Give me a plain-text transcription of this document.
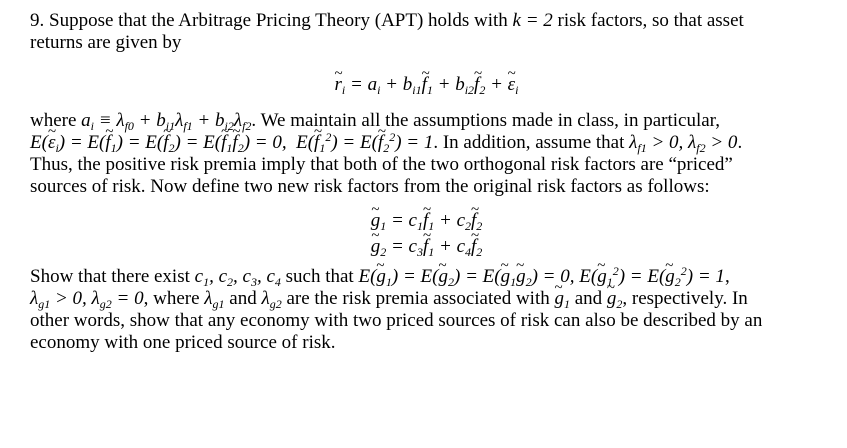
9. Suppose that the Arbitrage Pricing Theory (APT) holds with k = 2 risk factors, so that asset
returns are given by

~ $r_i = a_i$ + $b_{i1}\sim$ $f_1$ + $b_{i2}\sim$ $f_2$ + ~ $\varepsilon_i$

where $a_i \equiv \lambda_{f0} + b_{i1}\lambda_{f1} + b_{i2}\lambda_{f2}$. We maintain all the assumptions made in class, in particular,
E(~ $\varepsilon_i$) = E(~ $f_1$) = E(~ $f_2$) = E(~ $f_1\sim$ $f_2) = 0$,  E(~ $f_1^2$) = E(~ $f_2^2) = 1$. In addition, assume that $\lambda_{f1} > 0$, $\lambda_{f2} > 0$.
Thus, the positive risk premia imply that both of the two orthogonal risk factors are “priced”
sources of risk. Now define two new risk factors from the original risk factors as follows:

~ $g_1$ = $c_1\sim$ $f_1$ + $c_2\sim$ $f_2$

~ $g_2$ = $c_3\sim$ $f_1$ + $c_4\sim$ $f_2$

Show that there exist $c_1$, $c_2$, $c_3$, $c_4$ such that E(~ $g_1$) = E(~ $g_2$) = E(~ $g_1\sim$ $g_2) = 0$, E(~ $g_1^2$) = E(~ $g_2^2) = 1$,
$\lambda_{g1} > 0$, $\lambda_{g2} = 0$, where $\lambda_{g1}$ and $\lambda_{g2}$ are the risk premia associated with ~ $g_1$ and ~ $g_2$, respectively. In
other words, show that any economy with two priced sources of risk can also be described by an
economy with one priced source of risk.
